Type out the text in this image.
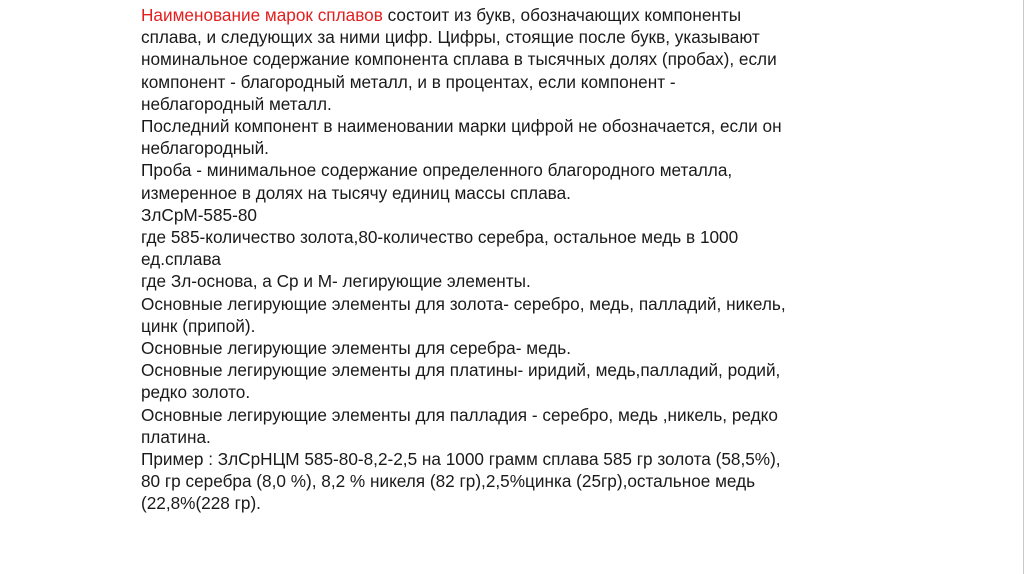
Наименование марок сплавов состоит из букв, обозначающих компоненты
сплава, и следующих за ними цифр. Цифры, стоящие после букв, указывают
номинальное содержание компонента сплава в тысячных долях (пробах), если
компонент - благородный металл, и в процентах, если компонент -
неблагородный металл.

Последний компонент в наименовании марки цифрой не обозначается, если он
неблагородный.

Проба - минимальное содержание определенного благородного металла,
измеренное в долях на тысячу единиц массы сплава.

ЗлСрМ-585-80

где 585-количество золота,80-количество серебра, остальное медь в 1000
ед.сплава

где Зл-основа, а Ср и М- легирующие элементы.

Основные легирующие элементы для золота- серебро, медь, палладий, никель,
цинк (припой).

Основные легирующие элементы для серебра- медь.

Основные легирующие элементы для платины- иридий, медь,палладий, родий,
редко золото.

Основные легирующие элементы для палладия - серебро, медь ,никель, редко
платина.

Пример : ЗлСрНЦМ 585-80-8,2-2,5 на 1000 грамм сплава 585 гр золота (58,5%),
80 гр серебра (8,0 %), 8,2 % никеля (82 гр),2,5%цинка (25гр),остальное медь
(22,8%(228 гр).
